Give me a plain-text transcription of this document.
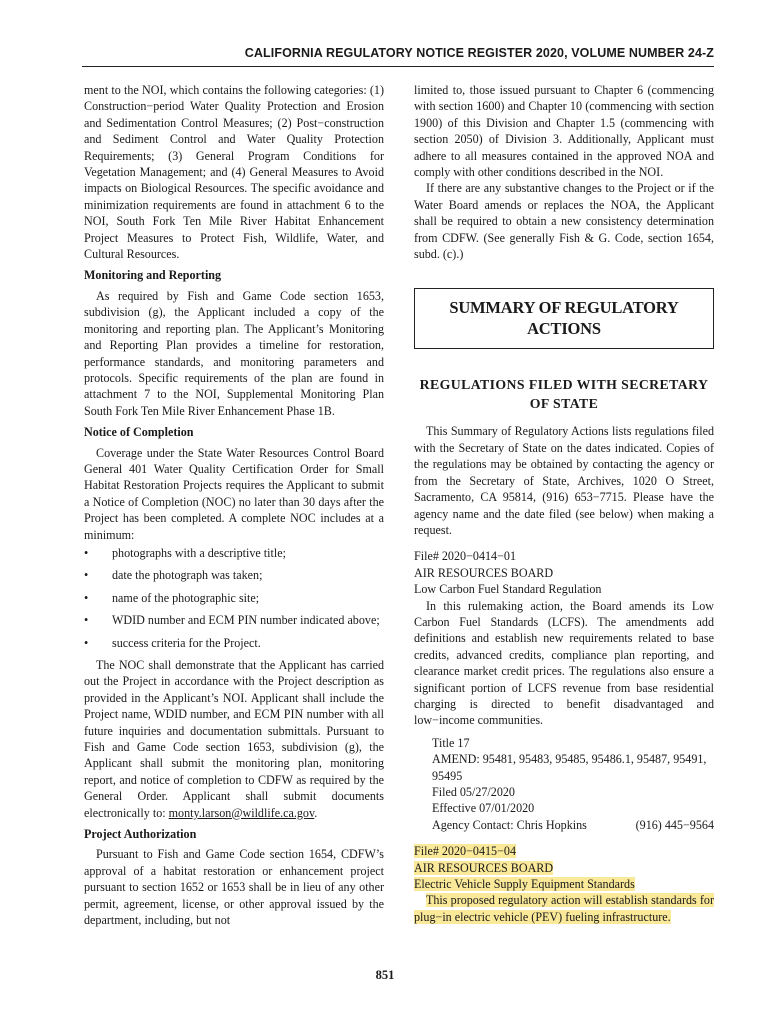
CALIFORNIA REGULATORY NOTICE REGISTER 2020, VOLUME NUMBER 24-Z

ment to the NOI, which contains the following categories: (1) Construction−period Water Quality Protection and Erosion and Sedimentation Control Measures; (2) Post−construction and Sediment Control and Water Quality Protection Requirements; (3) General Program Conditions for Vegetation Management; and (4) General Measures to Avoid impacts on Biological Resources. The specific avoidance and minimization requirements are found in attachment 6 to the NOI, South Fork Ten Mile River Habitat Enhancement Project Measures to Protect Fish, Wildlife, Water, and Cultural Resources.

Monitoring and Reporting

As required by Fish and Game Code section 1653, subdivision (g), the Applicant included a copy of the monitoring and reporting plan. The Applicant’s Monitoring and Reporting Plan provides a timeline for restoration, performance standards, and monitoring parameters and protocols. Specific requirements of the plan are found in attachment 7 to the NOI, Supplemental Monitoring Plan South Fork Ten Mile River Enhancement Phase 1B.

Notice of Completion

Coverage under the State Water Resources Control Board General 401 Water Quality Certification Order for Small Habitat Restoration Projects requires the Applicant to submit a Notice of Completion (NOC) no later than 30 days after the Project has been completed. A complete NOC includes at a minimum:

• photographs with a descriptive title;
• date the photograph was taken;
• name of the photographic site;
• WDID number and ECM PIN number indicated above;
• success criteria for the Project.

The NOC shall demonstrate that the Applicant has carried out the Project in accordance with the Project description as provided in the Applicant’s NOI. Applicant shall include the Project name, WDID number, and ECM PIN number with all future inquiries and documentation submittals. Pursuant to Fish and Game Code section 1653, subdivision (g), the Applicant shall submit the monitoring plan, monitoring report, and notice of completion to CDFW as required by the General Order. Applicant shall submit documents electronically to: monty.larson@wildlife.ca.gov.

Project Authorization

Pursuant to Fish and Game Code section 1654, CDFW’s approval of a habitat restoration or enhancement project pursuant to section 1652 or 1653 shall be in lieu of any other permit, agreement, license, or other approval issued by the department, including, but not

limited to, those issued pursuant to Chapter 6 (commencing with section 1600) and Chapter 10 (commencing with section 1900) of this Division and Chapter 1.5 (commencing with section 2050) of Division 3. Additionally, Applicant must adhere to all measures contained in the approved NOA and comply with other conditions described in the NOI.

If there are any substantive changes to the Project or if the Water Board amends or replaces the NOA, the Applicant shall be required to obtain a new consistency determination from CDFW. (See generally Fish & G. Code, section 1654, subd. (c).)

SUMMARY OF REGULATORY ACTIONS
REGULATIONS FILED WITH SECRETARY OF STATE

This Summary of Regulatory Actions lists regulations filed with the Secretary of State on the dates indicated. Copies of the regulations may be obtained by contacting the agency or from the Secretary of State, Archives, 1020 O Street, Sacramento, CA 95814, (916) 653−7715. Please have the agency name and the date filed (see below) when making a request.

File# 2020−0414−01
AIR RESOURCES BOARD
Low Carbon Fuel Standard Regulation

In this rulemaking action, the Board amends its Low Carbon Fuel Standards (LCFS). The amendments add definitions and establish new requirements related to base credits, advanced credits, compliance plan reporting, and clearance market credit prices. The regulations also ensure a significant portion of LCFS revenue from base residential charging is directed to benefit disadvantaged and low−income communities.

Title 17
AMEND: 95481, 95483, 95485, 95486.1, 95487, 95491, 95495
Filed 05/27/2020
Effective 07/01/2020
Agency Contact: Chris Hopkins	(916) 445−9564
File# 2020−0415−04
AIR RESOURCES BOARD
Electric Vehicle Supply Equipment Standards

This proposed regulatory action will establish standards for plug−in electric vehicle (PEV) fueling infrastructure.

851
